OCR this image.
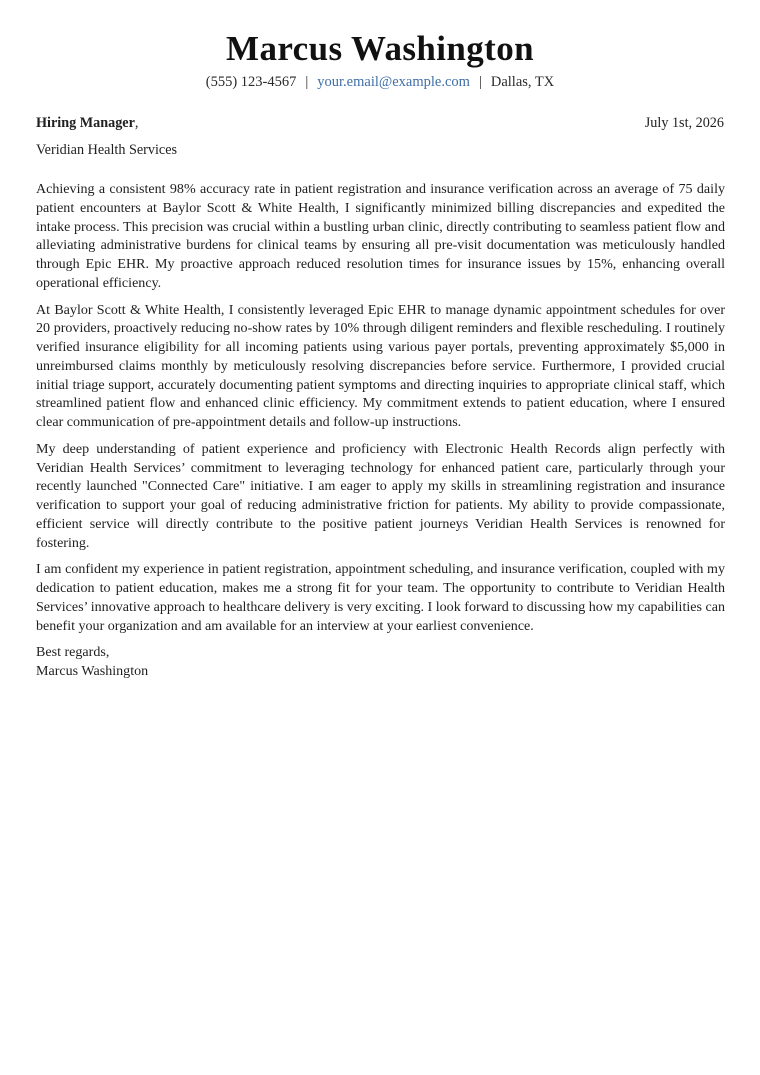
Marcus Washington
(555) 123-4567 | your.email@example.com | Dallas, TX
Hiring Manager,	July 1st, 2026
Veridian Health Services

Achieving a consistent 98% accuracy rate in patient registration and insurance verification across an average of 75 daily patient encounters at Baylor Scott & White Health, I significantly minimized billing discrepancies and expedited the intake process. This precision was crucial within a bustling urban clinic, directly contributing to seamless patient flow and alleviating administrative burdens for clinical teams by ensuring all pre-visit documentation was meticulously handled through Epic EHR. My proactive approach reduced resolution times for insurance issues by 15%, enhancing overall operational efficiency.

At Baylor Scott & White Health, I consistently leveraged Epic EHR to manage dynamic appointment schedules for over 20 providers, proactively reducing no-show rates by 10% through diligent reminders and flexible rescheduling. I routinely verified insurance eligibility for all incoming patients using various payer portals, preventing approximately $5,000 in unreimbursed claims monthly by meticulously resolving discrepancies before service. Furthermore, I provided crucial initial triage support, accurately documenting patient symptoms and directing inquiries to appropriate clinical staff, which streamlined patient flow and enhanced clinic efficiency. My commitment extends to patient education, where I ensured clear communication of pre-appointment details and follow-up instructions.

My deep understanding of patient experience and proficiency with Electronic Health Records align perfectly with Veridian Health Services’ commitment to leveraging technology for enhanced patient care, particularly through your recently launched "Connected Care" initiative. I am eager to apply my skills in streamlining registration and insurance verification to support your goal of reducing administrative friction for patients. My ability to provide compassionate, efficient service will directly contribute to the positive patient journeys Veridian Health Services is renowned for fostering.

I am confident my experience in patient registration, appointment scheduling, and insurance verification, coupled with my dedication to patient education, makes me a strong fit for your team. The opportunity to contribute to Veridian Health Services’ innovative approach to healthcare delivery is very exciting. I look forward to discussing how my capabilities can benefit your organization and am available for an interview at your earliest convenience.

Best regards,
Marcus Washington
